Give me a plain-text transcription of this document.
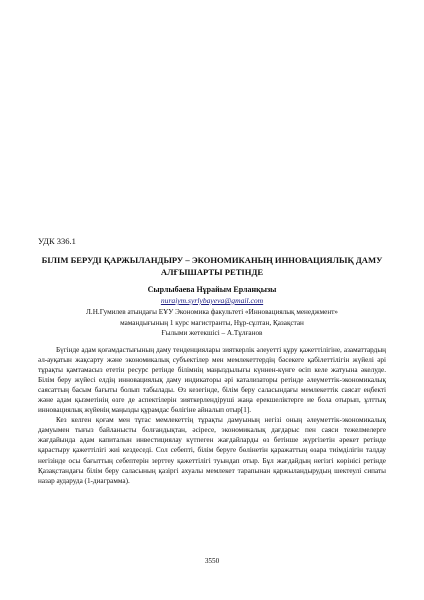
УДК 336.1
БІЛІМ БЕРУДІ ҚАРЖЫЛАНДЫРУ – ЭКОНОМИКАНЫҢ ИННОВАЦИЯЛЫҚ ДАМУ АЛҒЫШАРТЫ РЕТІНДЕ
Сырлыбаева Нұрайым Ерланқызы
nuraiym.syrlybayeva@gmail.com
Л.Н.Гумилев атындағы ЕҰУ Экономика факультеті «Инновациялық менеджмент»
мамандығының 1 курс магистранты, Нұр-сұлтан, Қазақстан
Ғылыми жетекшісі – А.Тұлғанов

Бүгінде адам қоғамдастығының даму тенденциялары зияткерлік әлеуетті құру қажеттілігіне, азаматтардың әл-ауқатын жақсарту және экономикалық субъектілер мен мемлекеттердің бәсекеге қабілеттілігін жүйелі әрі тұрақты қамтамасыз ететін ресурс ретінде білімнің маңыздылығы күннен-күнге өсіп келе жатуына әкелуде. Білім беру жүйесі елдің инновациялық даму индикаторы әрі катализаторы ретінде әлеуметтік-экономикалық саясаттың басым бағыты болып табылады. Өз кезегінде, білім беру саласындағы мемлекеттік саясат еңбекті және адам қызметінің өзге де аспектілерін зияткерлендіруші жаңа ерекшеліктерге ие бола отырып, ұлттық инновациялық жүйенің маңызды құрамдас бөлігіне айналып отыр[1].

Кез келген қоғам мен тұтас мемлекеттің тұрақты дамуының негізі оның әлеуметтік-экономикалық дамуымен тығыз байланысты болғандықтан, әсіресе, экономикалық дағдарыс пен саяси тежелмелерге жағдайында адам капиталын инвестициялау күтпеген жағдайларды өз бетінше жүргізетін әрекет ретінде қарастыру қажеттілігі жиі кездеседі. Сол себепті, білім беруге бөлінетін қаражаттың өзара тиімділігін талдау негізінде осы бағыттың себептерін зерттеу қажеттілігі туындап отыр. Бұл жағдайдың негізгі көрінісі ретінде Қазақстандағы білім беру саласының қазіргі ахуалы мемлекет тарапынан қаржыландырудың шектеулі сипаты назар аударуда (1-диаграмма).

3550
